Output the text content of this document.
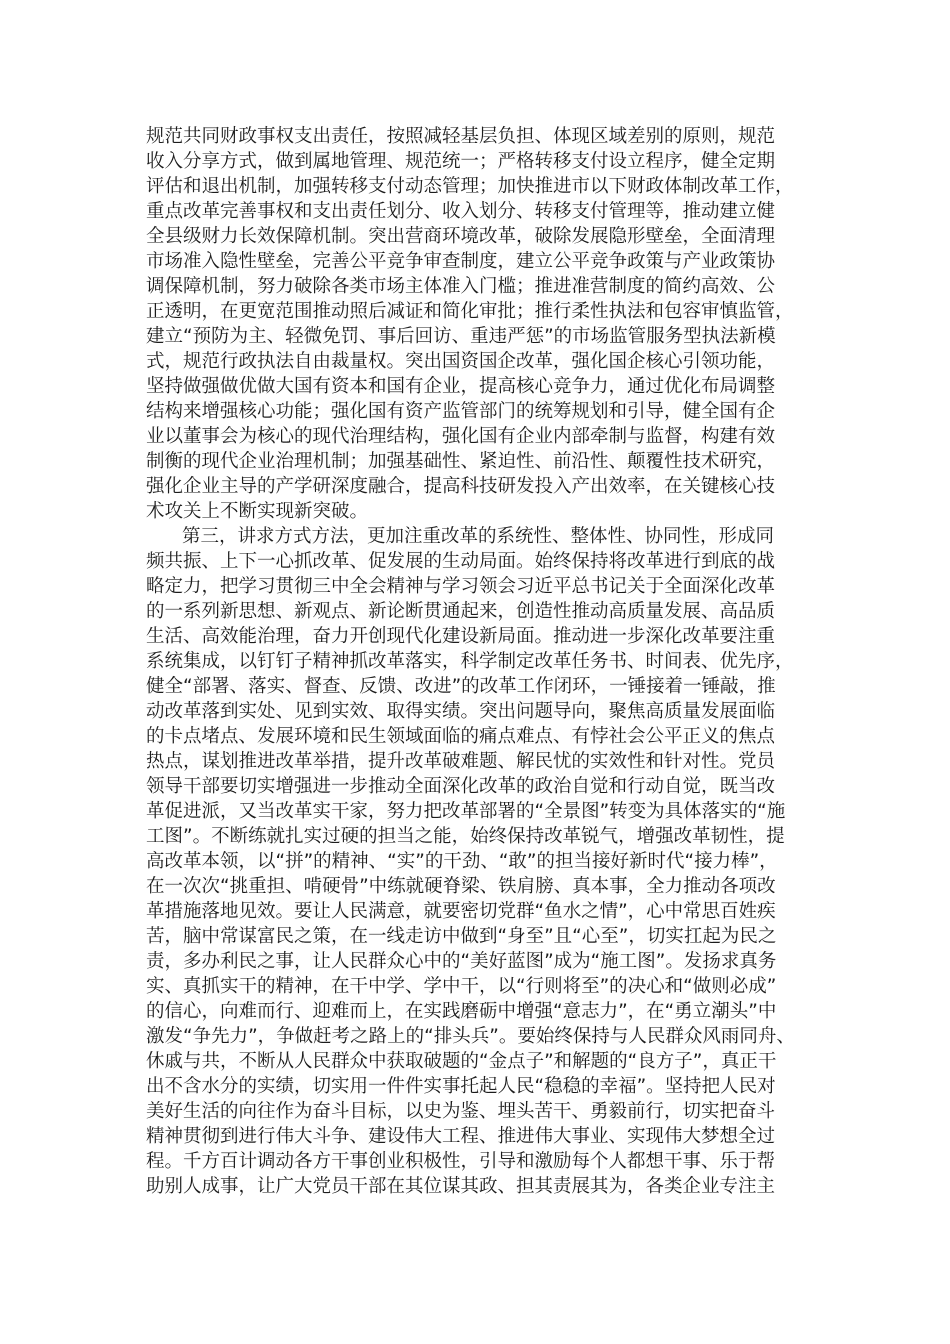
规范共同财政事权支出责任，按照减轻基层负担、体现区域差别的原则，规范
收入分享方式，做到属地管理、规范统一；严格转移支付设立程序，健全定期
评估和退出机制，加强转移支付动态管理；加快推进市以下财政体制改革工作，
重点改革完善事权和支出责任划分、收入划分、转移支付管理等，推动建立健
全县级财力长效保障机制。突出营商环境改革，破除发展隐形壁垒，全面清理
市场准入隐性壁垒，完善公平竞争审查制度，建立公平竞争政策与产业政策协
调保障机制，努力破除各类市场主体准入门槛；推进准营制度的简约高效、公
正透明，在更宽范围推动照后减证和简化审批；推行柔性执法和包容审慎监管，
建立“预防为主、轻微免罚、事后回访、重违严惩”的市场监管服务型执法新模
式，规范行政执法自由裁量权。突出国资国企改革，强化国企核心引领功能，
坚持做强做优做大国有资本和国有企业，提高核心竞争力，通过优化布局调整
结构来增强核心功能；强化国有资产监管部门的统筹规划和引导，健全国有企
业以董事会为核心的现代治理结构，强化国有企业内部牵制与监督，构建有效
制衡的现代企业治理机制；加强基础性、紧迫性、前沿性、颠覆性技术研究，
强化企业主导的产学研深度融合，提高科技研发投入产出效率，在关键核心技
术攻关上不断实现新突破。
第三，讲求方式方法，更加注重改革的系统性、整体性、协同性，形成同
频共振、上下一心抓改革、促发展的生动局面。始终保持将改革进行到底的战
略定力，把学习贯彻三中全会精神与学习领会习近平总书记关于全面深化改革
的一系列新思想、新观点、新论断贯通起来，创造性推动高质量发展、高品质
生活、高效能治理，奋力开创现代化建设新局面。推动进一步深化改革要注重
系统集成，以钉钉子精神抓改革落实，科学制定改革任务书、时间表、优先序，
健全“部署、落实、督查、反馈、改进”的改革工作闭环，一锤接着一锤敲，推
动改革落到实处、见到实效、取得实绩。突出问题导向，聚焦高质量发展面临
的卡点堵点、发展环境和民生领域面临的痛点难点、有悖社会公平正义的焦点
热点，谋划推进改革举措，提升改革破难题、解民忧的实效性和针对性。党员
领导干部要切实增强进一步推动全面深化改革的政治自觉和行动自觉，既当改
革促进派，又当改革实干家，努力把改革部署的“全景图”转变为具体落实的“施
工图”。不断练就扎实过硬的担当之能，始终保持改革锐气，增强改革韧性，提
高改革本领，以“拼”的精神、“实”的干劲、“敢”的担当接好新时代“接力棒”，
在一次次“挑重担、啃硬骨”中练就硬脊梁、铁肩膀、真本事，全力推动各项改
革措施落地见效。要让人民满意，就要密切党群“鱼水之情”，心中常思百姓疾
苦，脑中常谋富民之策，在一线走访中做到“身至”且“心至”，切实扛起为民之
责，多办利民之事，让人民群众心中的“美好蓝图”成为“施工图”。发扬求真务
实、真抓实干的精神，在干中学、学中干，以“行则将至”的决心和“做则必成”
的信心，向难而行、迎难而上，在实践磨砺中增强“意志力”，在“勇立潮头”中
激发“争先力”，争做赶考之路上的“排头兵”。要始终保持与人民群众风雨同舟、
休戚与共，不断从人民群众中获取破题的“金点子”和解题的“良方子”，真正干
出不含水分的实绩，切实用一件件实事托起人民“稳稳的幸福”。坚持把人民对
美好生活的向往作为奋斗目标，以史为鉴、埋头苦干、勇毅前行，切实把奋斗
精神贯彻到进行伟大斗争、建设伟大工程、推进伟大事业、实现伟大梦想全过
程。千方百计调动各方干事创业积极性，引导和激励每个人都想干事、乐于帮
助别人成事，让广大党员干部在其位谋其政、担其责展其为，各类企业专注主
